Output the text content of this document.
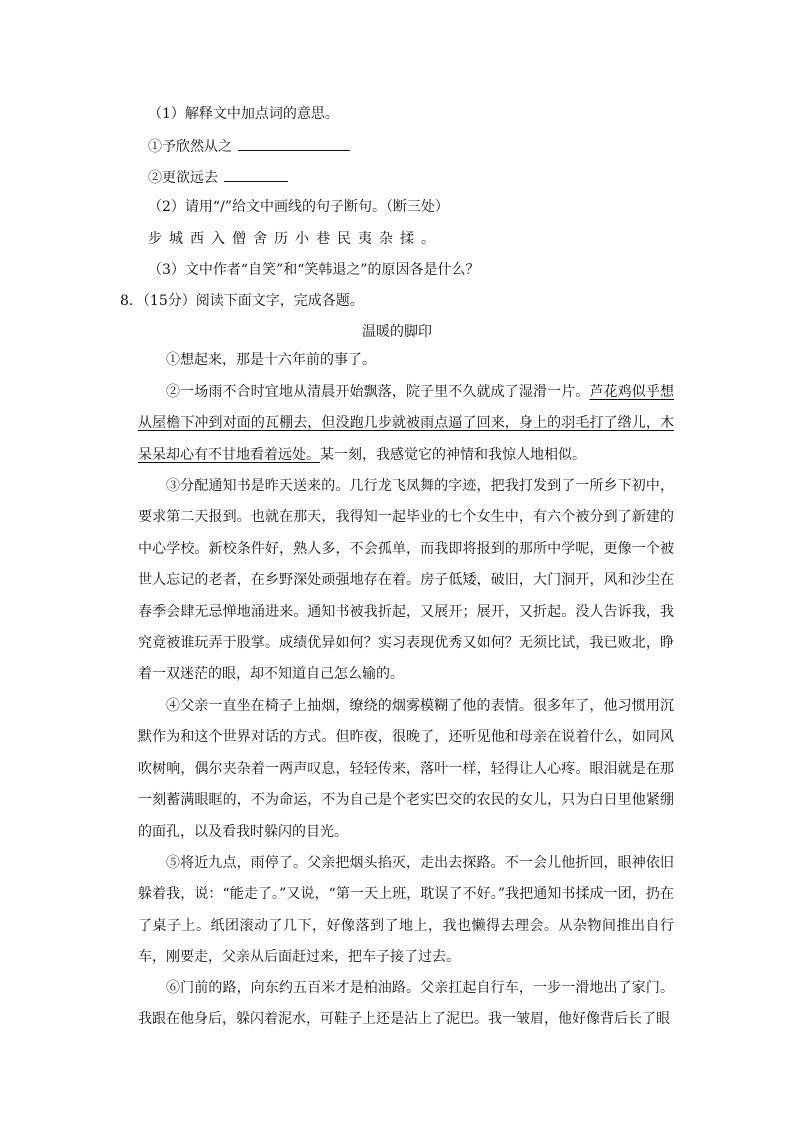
（1）解释文中加点词的意思。
①予欣然从之
②更欲远去
（2）请用“/”给文中画线的句子断句。（断三处）
步城西入僧舍历小巷民夷杂揉。
（3）文中作者“自笑”和“笑韩退之”的原因各是什么？
8．（15分）阅读下面文字，完成各题。
温暖的脚印
①想起来，那是十六年前的事了。
②一场雨不合时宜地从清晨开始飘落，院子里不久就成了湿滑一片。芦花鸡似乎想从屋檐下冲到对面的瓦棚去，但没跑几步就被雨点逼了回来，身上的羽毛打了绺儿，木呆呆却心有不甘地看着远处。某一刻，我感觉它的神情和我惊人地相似。
③分配通知书是昨天送来的。几行龙飞凤舞的字迹，把我打发到了一所乡下初中，要求第二天报到。也就在那天，我得知一起毕业的七个女生中，有六个被分到了新建的中心学校。新校条件好，熟人多，不会孤单，而我即将报到的那所中学呢，更像一个被世人忘记的老者，在乡野深处顽强地存在着。房子低矮，破旧，大门洞开，风和沙尘在春季会肆无忌惮地涌进来。通知书被我折起，又展开；展开，又折起。没人告诉我，我究竟被谁玩弄于股掌。成绩优异如何？实习表现优秀又如何？无须比试，我已败北，睁着一双迷茫的眼，却不知道自己怎么输的。
④父亲一直坐在椅子上抽烟，缭绕的烟雾模糊了他的表情。很多年了，他习惯用沉默作为和这个世界对话的方式。但昨夜，很晚了，还听见他和母亲在说着什么，如同风吹树响，偶尔夹杂着一两声叹息，轻轻传来，落叶一样，轻得让人心疼。眼泪就是在那一刻蓄满眼眶的，不为命运，不为自己是个老实巴交的农民的女儿，只为白日里他紧绷的面孔，以及看我时躲闪的目光。
⑤将近九点，雨停了。父亲把烟头掐灭，走出去探路。不一会儿他折回，眼神依旧躲着我，说：“能走了。”又说，“第一天上班，耽误了不好。”我把通知书揉成一团，扔在了桌子上。纸团滚动了几下，好像落到了地上，我也懒得去理会。从杂物间推出自行车，刚要走，父亲从后面赶过来，把车子接了过去。
⑥门前的路，向东约五百米才是柏油路。父亲扛起自行车，一步一滑地出了家门。我跟在他身后，躲闪着泥水，可鞋子上还是沾上了泥巴。我一皱眉，他好像背后长了眼
